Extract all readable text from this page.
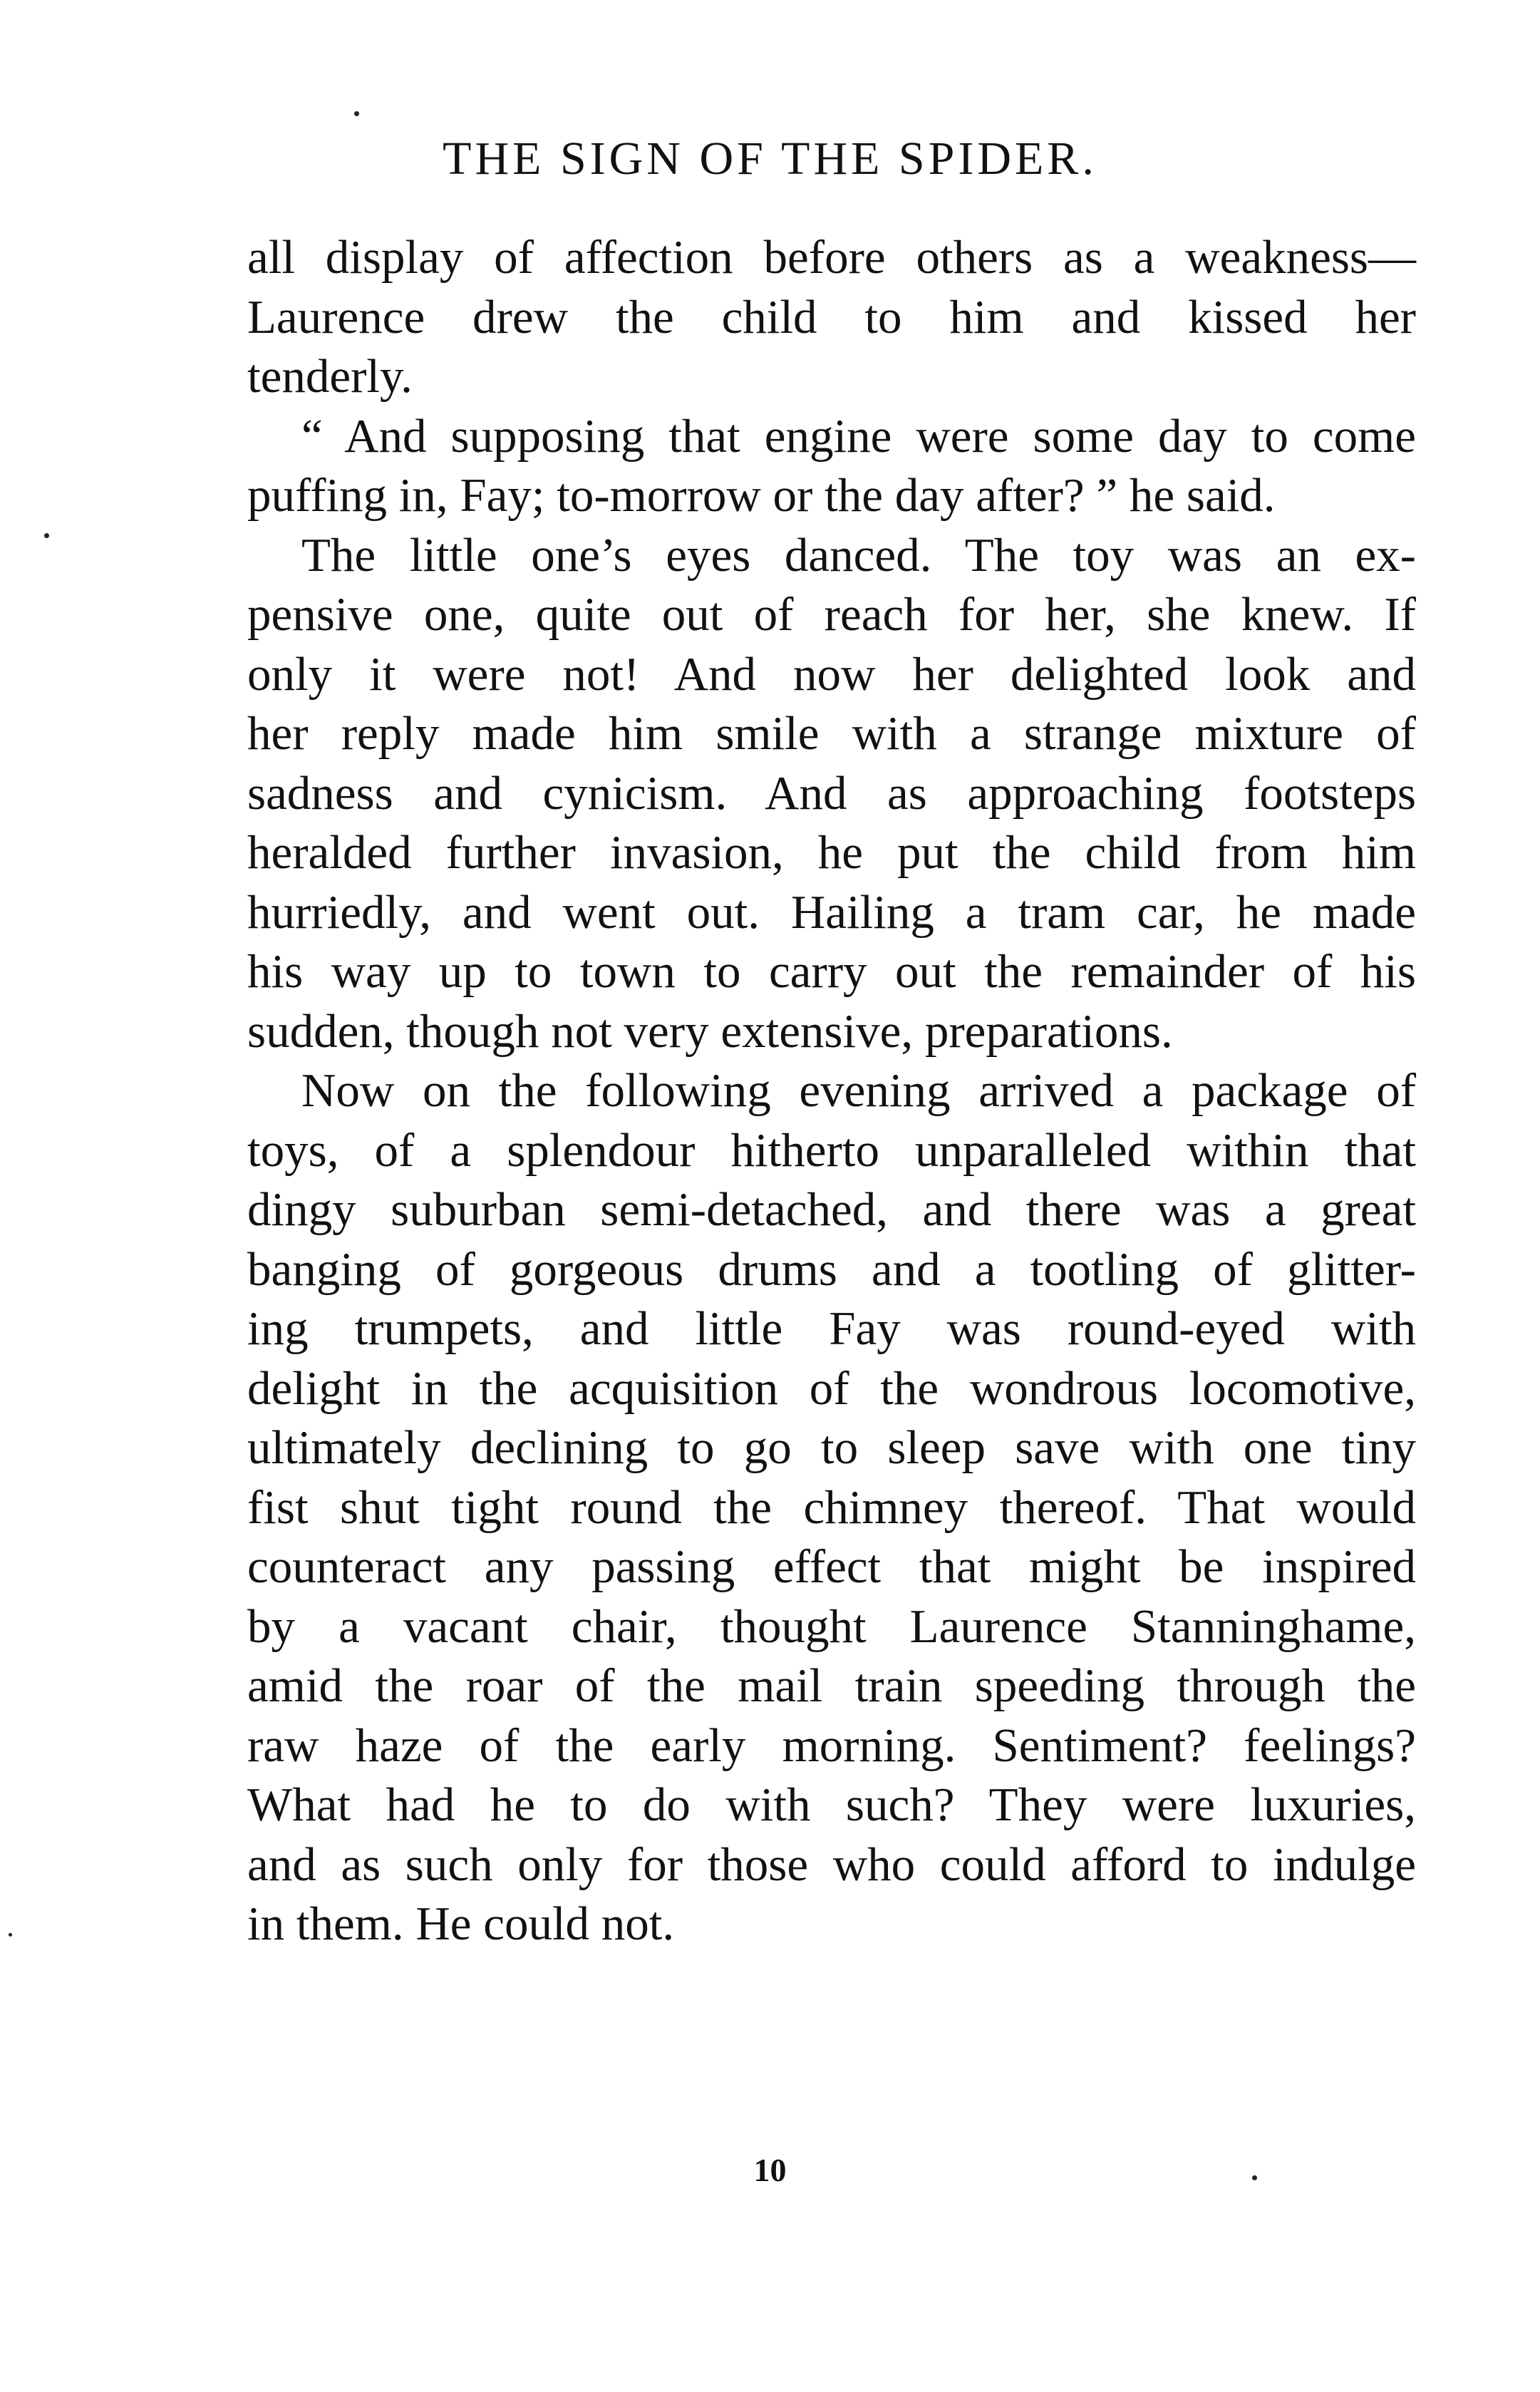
THE SIGN OF THE SPIDER.
all display of affection before others as a weakness—
Laurence drew the child to him and kissed her
tenderly.
“ And supposing that engine were some day to come
puffing in, Fay; to-morrow or the day after? ” he said.
The little one’s eyes danced. The toy was an ex-
pensive one, quite out of reach for her, she knew. If
only it were not! And now her delighted look and
her reply made him smile with a strange mixture of
sadness and cynicism. And as approaching footsteps
heralded further invasion, he put the child from him
hurriedly, and went out. Hailing a tram car, he made
his way up to town to carry out the remainder of his
sudden, though not very extensive, preparations.
Now on the following evening arrived a package of
toys, of a splendour hitherto unparalleled within that
dingy suburban semi-detached, and there was a great
banging of gorgeous drums and a tootling of glitter-
ing trumpets, and little Fay was round-eyed with
delight in the acquisition of the wondrous locomotive,
ultimately declining to go to sleep save with one tiny
fist shut tight round the chimney thereof. That would
counteract any passing effect that might be inspired
by a vacant chair, thought Laurence Stanninghame,
amid the roar of the mail train speeding through the
raw haze of the early morning. Sentiment? feelings?
What had he to do with such? They were luxuries,
and as such only for those who could afford to indulge
in them. He could not.
10
